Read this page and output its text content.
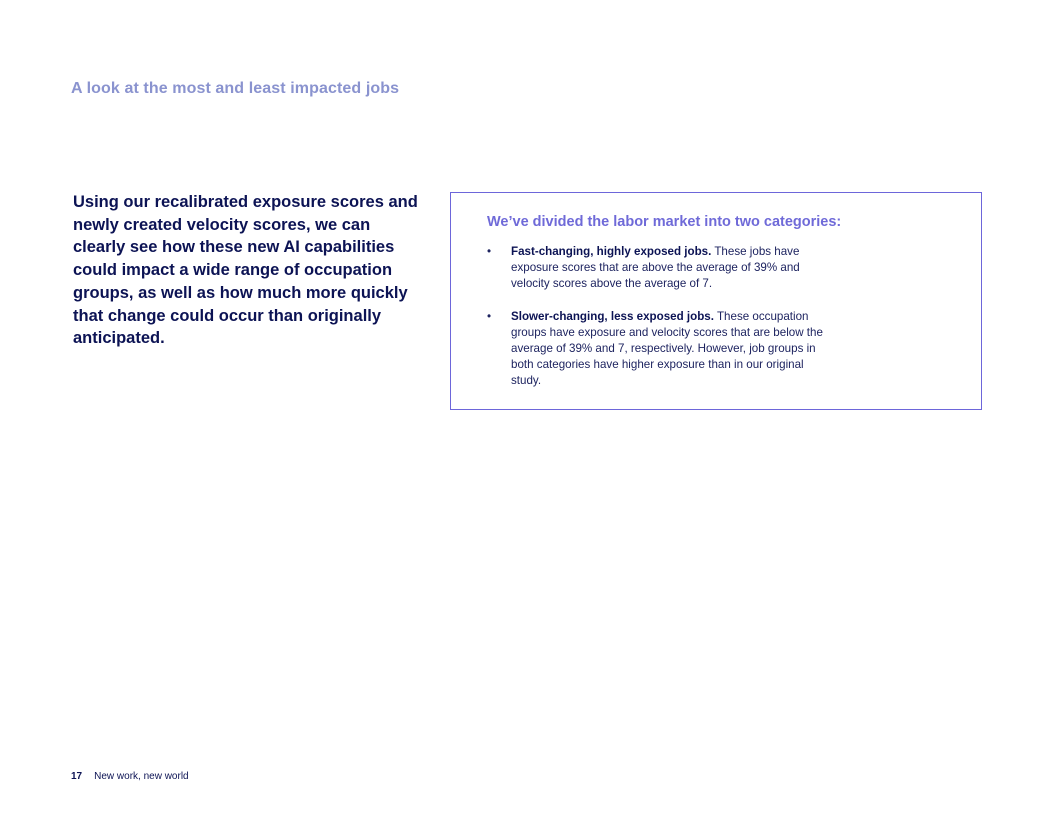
A look at the most and least impacted jobs

Using our recalibrated exposure scores and newly created velocity scores, we can clearly see how these new AI capabilities could impact a wide range of occupation groups, as well as how much more quickly that change could occur than originally anticipated.

We’ve divided the labor market into two categories:
• Fast-changing, highly exposed jobs. These jobs have exposure scores that are above the average of 39% and velocity scores above the average of 7.
• Slower-changing, less exposed jobs. These occupation groups have exposure and velocity scores that are below the average of 39% and 7, respectively. However, job groups in both categories have higher exposure than in our original study.
17 New work, new world
